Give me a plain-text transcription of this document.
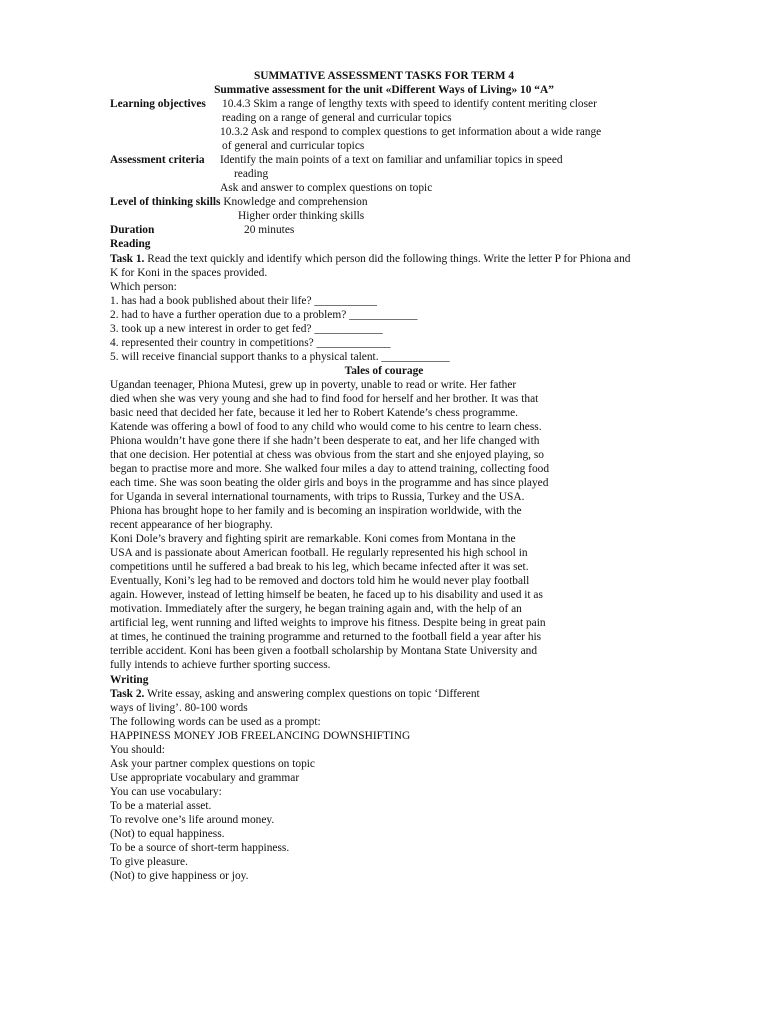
SUMMATIVE ASSESSMENT TASKS FOR TERM 4
Summative assessment for the unit «Different Ways of Living» 10 “A”
Learning objectives 10.4.3 Skim a range of lengthy texts with speed to identify content meriting closer
reading on a range of general and curricular topics
10.3.2 Ask and respond to complex questions to get information about a wide range
of general and curricular topics
Assessment criteria Identify the main points of a text on familiar and unfamiliar topics in speed
reading
Ask and answer to complex questions on topic
Level of thinking skills Knowledge and comprehension
Higher order thinking skills
Duration	20 minutes
Reading
Task 1. Read the text quickly and identify which person did the following things. Write the letter P for Phiona and
K for Koni in the spaces provided.
Which person:
1. has had a book published about their life? ___________
2. had to have a further operation due to a problem? ____________
3. took up a new interest in order to get fed? ____________
4. represented their country in competitions? _____________
5. will receive financial support thanks to a physical talent. ____________
Tales of courage
Ugandan teenager, Phiona Mutesi, grew up in poverty, unable to read or write. Her father
died when she was very young and she had to find food for herself and her brother. It was that
basic need that decided her fate, because it led her to Robert Katende’s chess programme.
Katende was offering a bowl of food to any child who would come to his centre to learn chess.
Phiona wouldn’t have gone there if she hadn’t been desperate to eat, and her life changed with
that one decision. Her potential at chess was obvious from the start and she enjoyed playing, so
began to practise more and more. She walked four miles a day to attend training, collecting food
each time. She was soon beating the older girls and boys in the programme and has since played
for Uganda in several international tournaments, with trips to Russia, Turkey and the USA.
Phiona has brought hope to her family and is becoming an inspiration worldwide, with the
recent appearance of her biography.
Koni Dole’s bravery and fighting spirit are remarkable. Koni comes from Montana in the
USA and is passionate about American football. He regularly represented his high school in
competitions until he suffered a bad break to his leg, which became infected after it was set.
Eventually, Koni’s leg had to be removed and doctors told him he would never play football
again. However, instead of letting himself be beaten, he faced up to his disability and used it as
motivation. Immediately after the surgery, he began training again and, with the help of an
artificial leg, went running and lifted weights to improve his fitness. Despite being in great pain
at times, he continued the training programme and returned to the football field a year after his
terrible accident. Koni has been given a football scholarship by Montana State University and
fully intends to achieve further sporting success.
Writing
Task 2. Write essay, asking and answering complex questions on topic ‘Different
ways of living’. 80-100 words
The following words can be used as a prompt:
HAPPINESS MONEY JOB FREELANCING DOWNSHIFTING
You should:
Ask your partner complex questions on topic
Use appropriate vocabulary and grammar
You can use vocabulary:
To be a material asset.
To revolve one’s life around money.
(Not) to equal happiness.
To be a source of short-term happiness.
To give pleasure.
(Not) to give happiness or joy.
